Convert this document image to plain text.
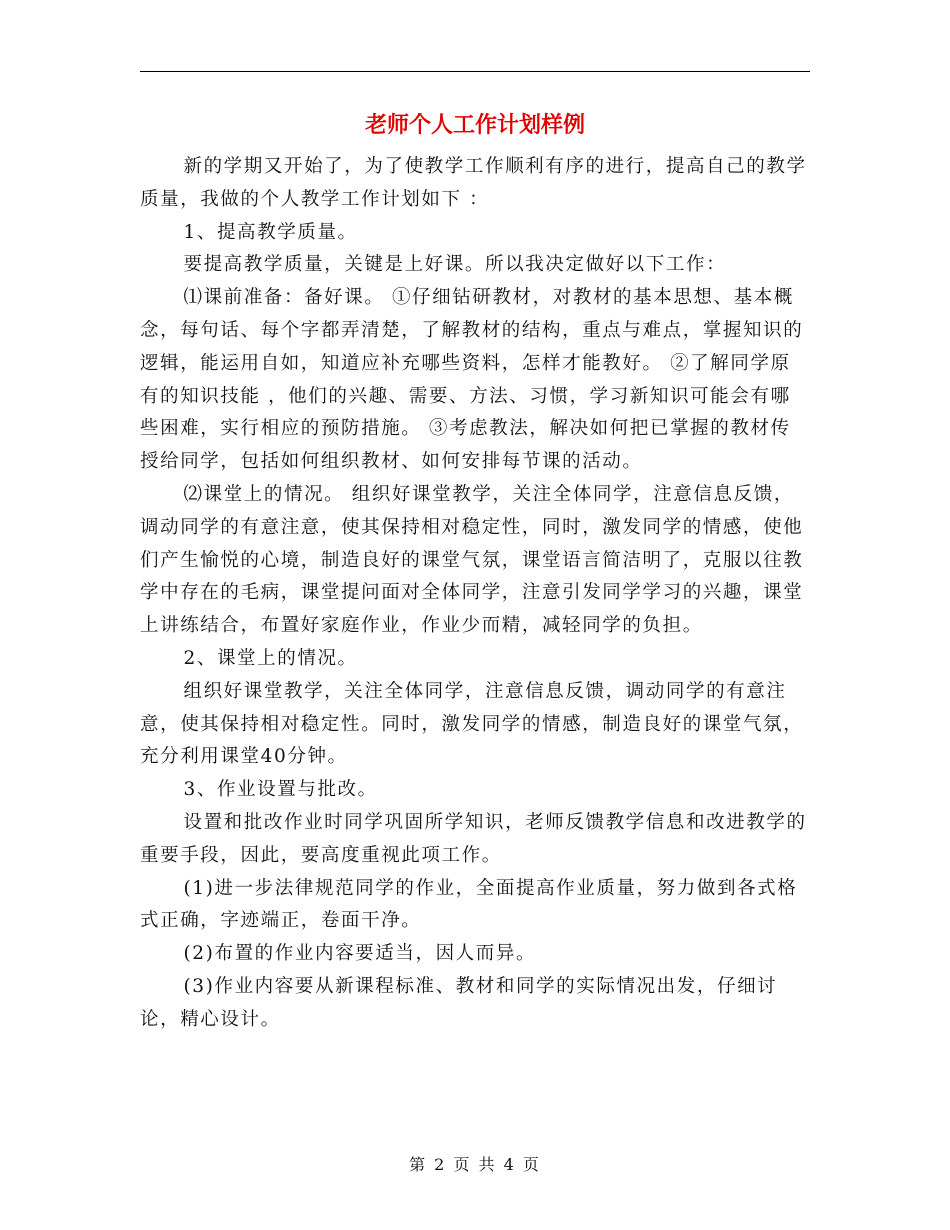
老师个人工作计划样例

新的学期又开始了，为了使教学工作顺利有序的进行，提高自己的教学质量，我做的个人教学工作计划如下 ：

1、提高教学质量。

要提高教学质量，关键是上好课。所以我决定做好以下工作：

⑴课前准备：备好课。 ①仔细钻研教材，对教材的基本思想、基本概念，每句话、每个字都弄清楚，了解教材的结构，重点与难点，掌握知识的逻辑，能运用自如，知道应补充哪些资料，怎样才能教好。 ②了解同学原有的知识技能 ，他们的兴趣、需要、方法、习惯，学习新知识可能会有哪些困难，实行相应的预防措施。 ③考虑教法，解决如何把已掌握的教材传授给同学，包括如何组织教材、如何安排每节课的活动。

⑵课堂上的情况。 组织好课堂教学，关注全体同学，注意信息反馈，调动同学的有意注意，使其保持相对稳定性，同时，激发同学的情感，使他们产生愉悦的心境，制造良好的课堂气氛，课堂语言简洁明了，克服以往教学中存在的毛病，课堂提问面对全体同学，注意引发同学学习的兴趣，课堂上讲练结合，布置好家庭作业，作业少而精，减轻同学的负担。

2、课堂上的情况。

组织好课堂教学，关注全体同学，注意信息反馈，调动同学的有意注意，使其保持相对稳定性。同时，激发同学的情感，制造良好的课堂气氛，充分利用课堂40分钟。

3、作业设置与批改。

设置和批改作业时同学巩固所学知识，老师反馈教学信息和改进教学的重要手段，因此，要高度重视此项工作。

(1)进一步法律规范同学的作业，全面提高作业质量，努力做到各式格式正确，字迹端正，卷面干净。

(2)布置的作业内容要适当，因人而异。

(3)作业内容要从新课程标准、教材和同学的实际情况出发，仔细讨论，精心设计。

第 2 页 共 4 页
